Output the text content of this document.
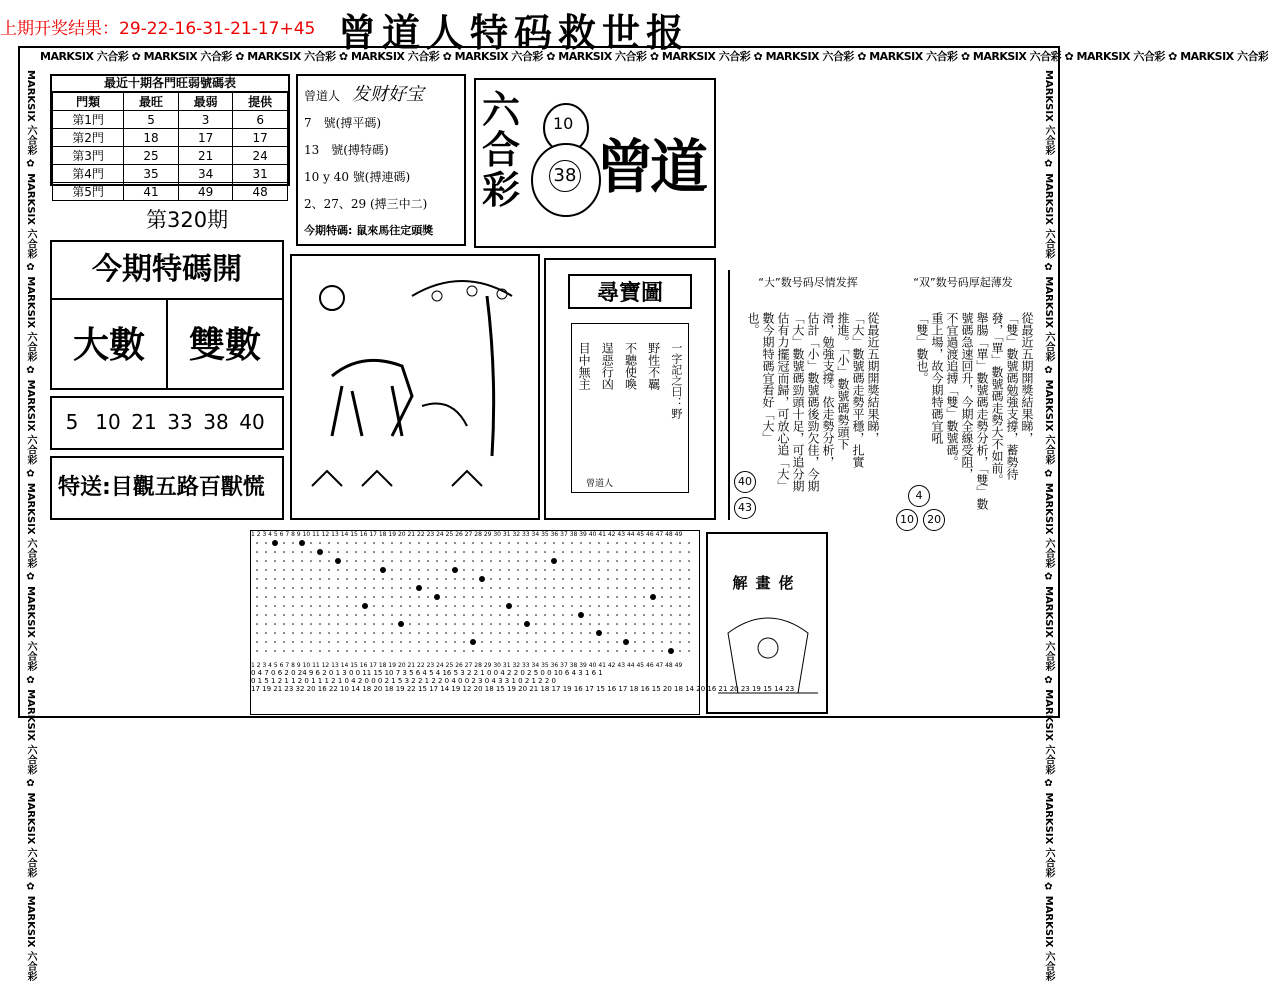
上期开奖结果：29-22-16-31-21-17+45 曾道人特码救世报
MARKSIX 六合彩 ✿ MARKSIX 六合彩 ✿ MARKSIX 六合彩 ✿ MARKSIX 六合彩 ✿ MARKSIX 六合彩 ✿ MARKSIX 六合彩 ✿ MARKSIX 六合彩 ✿ MARKSIX 六合彩 ✿ MARKSIX 六合彩 ✿ MARKSIX 六合彩 ✿ MARKSIX 六合彩 ✿ MARKSIX 六合彩
MARKSIX 六合彩 ✿ MARKSIX 六合彩 ✿ MARKSIX 六合彩 ✿ MARKSIX 六合彩 ✿ MARKSIX 六合彩 ✿ MARKSIX 六合彩 ✿ MARKSIX 六合彩 ✿ MARKSIX 六合彩 ✿ MARKSIX 六合彩	MARKSIX 六合彩 ✿ MARKSIX 六合彩 ✿ MARKSIX 六合彩 ✿ MARKSIX 六合彩 ✿ MARKSIX 六合彩 ✿ MARKSIX 六合彩 ✿ MARKSIX 六合彩 ✿ MARKSIX 六合彩 ✿ MARKSIX 六合彩
最近十期各門旺弱號碼表
門類	最旺	最弱	提供
第1門	5	3	6
第2門	18	17	17
第3門	25	21	24
第4門	35	34	31
第5門	41	49	48
曾道人 发财好宝
7　號(搏平碼)
13　號(搏特碼)
10 y 40 號(搏連碼)
2、27、29 (搏三中二)
今期特碼: 鼠來馬往定頭獎
六
合
彩
10
38 曾道
第320期
今期特碼開
大數	雙數
5 10 21 33 38 40
特送:目觀五路百獸慌
尋寶圖
一字記之曰：野
野性不羈
不聽使喚
逞惡行凶
目中無主
曾道人
“大”数号码尽情发挥
從最近五期開獎結果睇，
「大」數號碼走勢平穩，扎實
推進。「小」數號碼勢頭下
滑，勉強支撐。依走勢分析，
估計「小」數號碼後勁欠佳，今期
「大」數號碼勁頭十足，可追分期
估有力擺冠而歸，可放心追「大」
數今期特碼宜看好「大」
也。
40
43
“双”数号码厚起薄发
從最近五期開獎結果睇，
「雙」數號碼勉強支撐，蓄勢待
發，「單」數號碼走勢大不如前。
舉腸「單」數號碼走勢分析，「雙」數
號碼急速回升，今期全線受阻，
不宜過渡追搏「雙」數號碼。
重上場，故今期特碼宜吼
「雙」數也。
4
10 20
解畫佬
1 2 3 4 5 6 7 8 9 10 11 12 13 14 15 16 17 18 19 20 21 22 23 24 25 26 27 28 29 30 31 32 33 34 35 36 37 38 39 40 41 42 43 44 45 46 47 48 49
1 2 3 4 5 6 7 8 9 10 11 12 13 14 15 16 17 18 19 20 21 22 23 24 25 26 27 28 29 30 31 32 33 34 35 36 37 38 39 40 41 42 43 44 45 46 47 48 49
0 4 7 0 6 2 0 24 9 6 2 0 1 3 0 0 11 15 10 7 3 5 6 4 5 4 16 5 3 2 2 1 0 0 4 2 2 0 2 5 0 0 10 6 4 3 1 6 1
0 1 5 1 2 1 1 2 0 1 1 1 2 1 0 4 2 0 0 0 2 1 5 3 2 2 1 2 2 0 4 0 0 2 3 0 4 3 3 1 0 2 1 2 2 0
17 19 21 23 32 20 16 22 10 14 18 20 18 19 22 15 17 14 19 12 20 18 15 19 20 21 18 17 19 16 17 15 16 17 18 16 15 20 18 14 20 16 21 20 23 19 15 14 23
